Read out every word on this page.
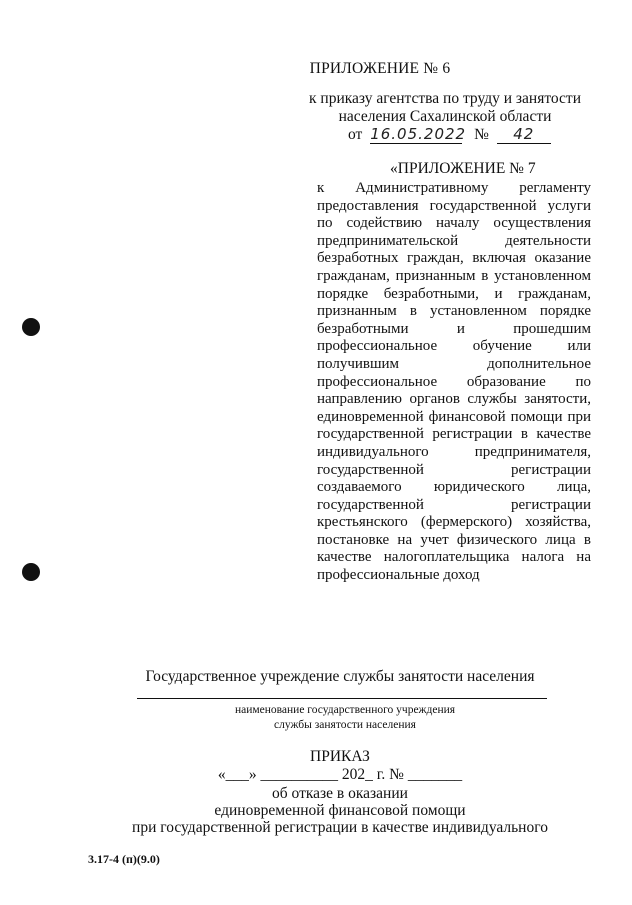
ПРИЛОЖЕНИЕ № 6
к приказу агентства по труду и занятости населения Сахалинской области
от 16.05.2022 № 42
«ПРИЛОЖЕНИЕ № 7
к Административному регламенту предоставления государственной услуги по содействию началу осуществления предпринимательской деятельности безработных граждан, включая оказание гражданам, признанным в установленном порядке безработными, и гражданам, признанным в установленном порядке безработными и прошедшим профессиональное обучение или получившим дополнительное профессиональное образование по направлению органов службы занятости, единовременной финансовой помощи при государственной регистрации в качестве индивидуального предпринимателя, государственной регистрации создаваемого юридического лица, государственной регистрации крестьянского (фермерского) хозяйства, постановке на учет физического лица в качестве налогоплательщика налога на профессиональные доход
Государственное учреждение службы занятости населения
наименование государственного учреждения
службы занятости населения
ПРИКАЗ
«___» __________ 202_ г. № _______
об отказе в оказании
единовременной финансовой помощи
при государственной регистрации в качестве индивидуального
3.17-4 (п)(9.0)
